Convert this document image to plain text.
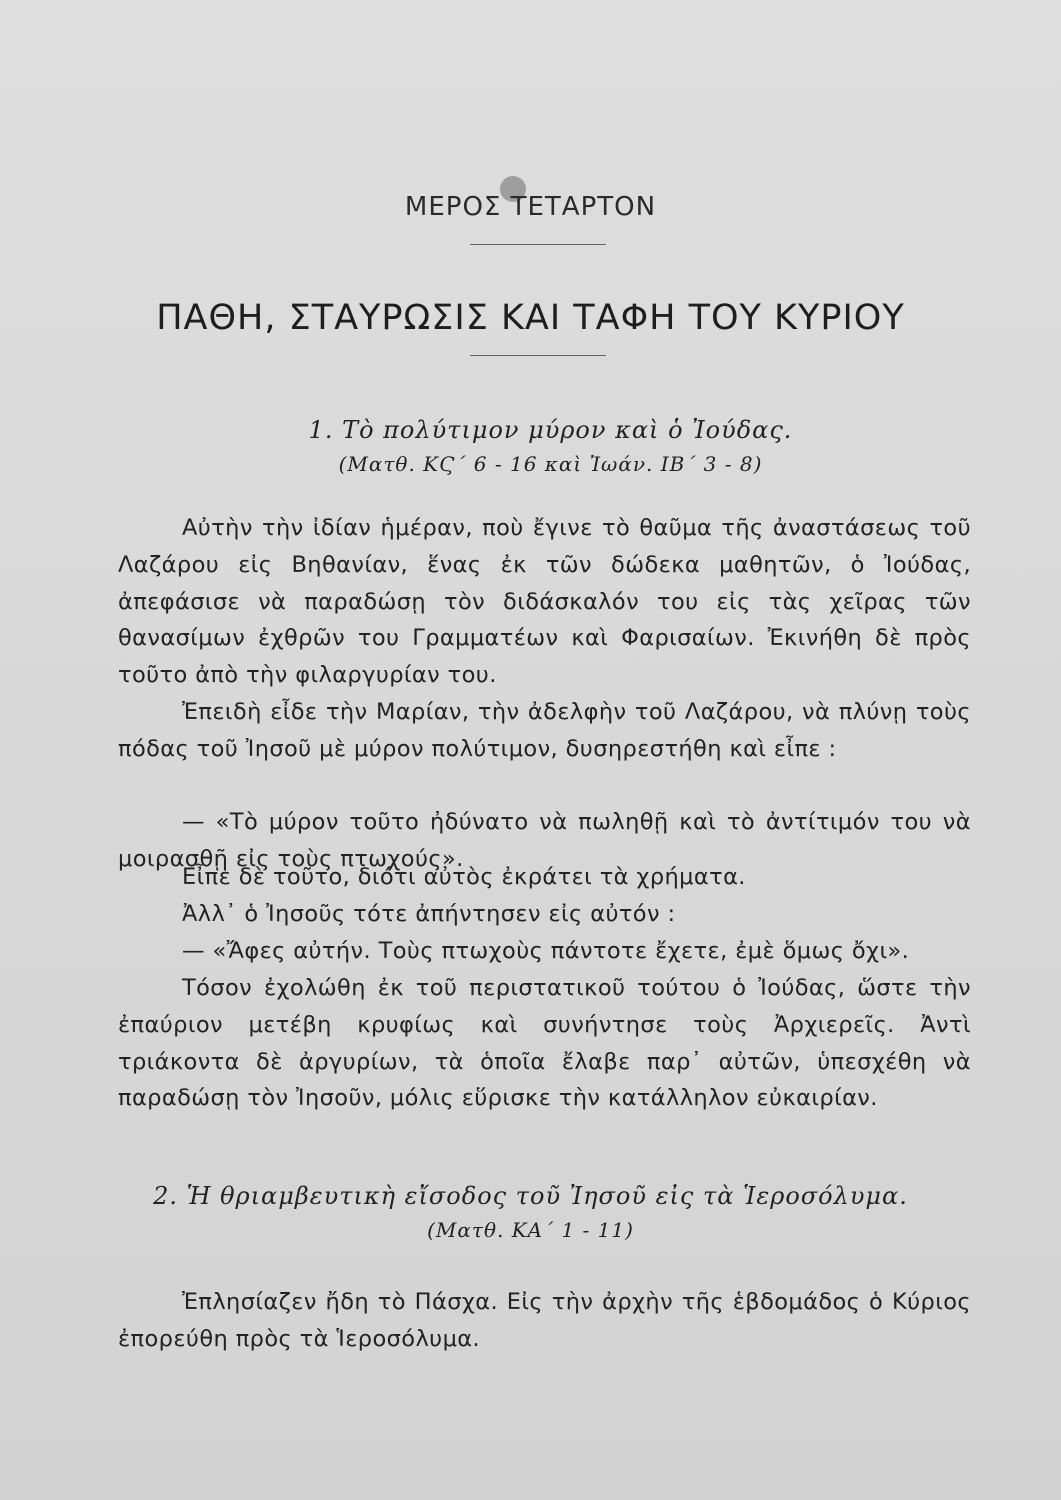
ΜΕΡΟΣ ΤΕΤΑΡΤΟΝ
ΠΑΘΗ, ΣΤΑΥΡΩΣΙΣ ΚΑΙ ΤΑΦΗ ΤΟΥ ΚΥΡΙΟΥ
1. Τὸ πολύτιμον μύρον καὶ ὁ Ἰούδας.
(Ματθ. ΚϚ΄ 6 - 16 καὶ Ἰωάν. ΙΒ΄ 3 - 8)
Αὐτὴν τὴν ἰδίαν ἡμέραν, ποὺ ἔγινε τὸ θαῦμα τῆς ἀναστάσεως τοῦ Λαζάρου εἰς Βηθανίαν, ἕνας ἐκ τῶν δώδεκα μαθητῶν, ὁ Ἰούδας, ἀπεφάσισε νὰ παραδώσῃ τὸν διδάσκαλόν του εἰς τὰς χεῖρας τῶν θανασίμων ἐχθρῶν του Γραμματέων καὶ Φαρισαίων. Ἐκινήθη δὲ πρὸς τοῦτο ἀπὸ τὴν φιλαργυρίαν του.
Ἐπειδὴ εἶδε τὴν Μαρίαν, τὴν ἀδελφὴν τοῦ Λαζάρου, νὰ πλύνῃ τοὺς πόδας τοῦ Ἰησοῦ μὲ μύρον πολύτιμον, δυσηρεστήθη καὶ εἶπε :
— «Τὸ μύρον τοῦτο ἠδύνατο νὰ πωληθῇ καὶ τὸ ἀντίτιμόν του νὰ μοιρασθῇ εἰς τοὺς πτωχούς».
Εἶπε δὲ τοῦτο, διότι αὐτὸς ἐκράτει τὰ χρήματα.
Ἀλλ᾽ ὁ Ἰησοῦς τότε ἀπήντησεν εἰς αὐτόν :
— «Ἄφες αὐτήν. Τοὺς πτωχοὺς πάντοτε ἔχετε, ἐμὲ ὅμως ὄχι».
Τόσον ἐχολώθη ἐκ τοῦ περιστατικοῦ τούτου ὁ Ἰούδας, ὥστε τὴν ἐπαύριον μετέβη κρυφίως καὶ συνήντησε τοὺς Ἀρχιερεῖς. Ἀντὶ τριάκοντα δὲ ἀργυρίων, τὰ ὁποῖα ἔλαβε παρ᾽ αὐτῶν, ὑπεσχέθη νὰ παραδώσῃ τὸν Ἰησοῦν, μόλις εὕρισκε τὴν κατάλληλον εὐκαιρίαν.
2. Ἡ θριαμβευτικὴ εἴσοδος τοῦ Ἰησοῦ εἰς τὰ Ἱεροσόλυμα.
(Ματθ. ΚΑ΄ 1 - 11)
Ἐπλησίαζεν ἤδη τὸ Πάσχα. Εἰς τὴν ἀρχὴν τῆς ἑβδομάδος ὁ Κύριος ἐπορεύθη πρὸς τὰ Ἱεροσόλυμα.
